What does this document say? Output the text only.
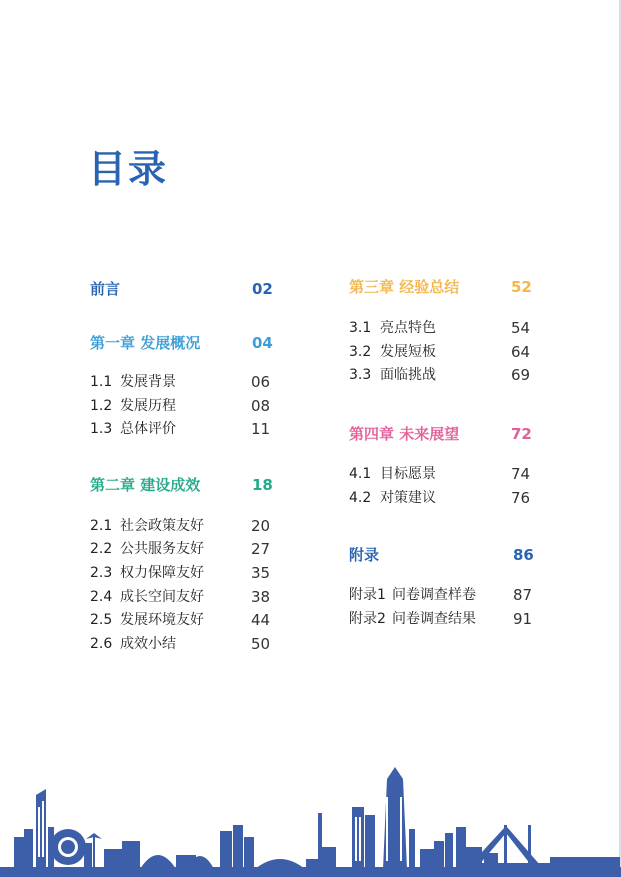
目录
前言	02
第一章 发展概况	04
1.1 发展背景	06
1.2 发展历程	08
1.3 总体评价	11
第二章 建设成效	18
2.1 社会政策友好	20
2.2 公共服务友好	27
2.3 权力保障友好	35
2.4 成长空间友好	38
2.5 发展环境友好	44
2.6 成效小结	50
第三章 经验总结	52
3.1 亮点特色	54
3.2 发展短板	64
3.3 面临挑战	69
第四章 未来展望	72
4.1 目标愿景	74
4.2 对策建议	76
附录	86
附录1 问卷调查样卷 87
附录2 问卷调查结果 91
